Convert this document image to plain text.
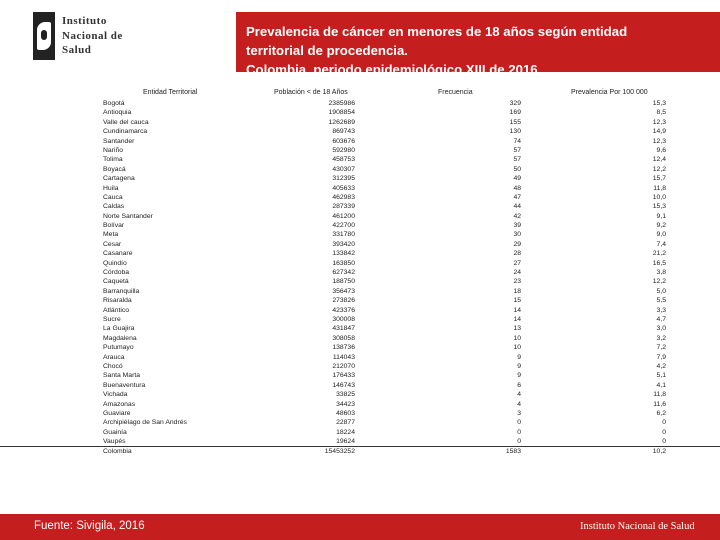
Instituto
Nacional de
Salud
Prevalencia de cáncer en menores de 18 años según entidad
territorial de procedencia.
Colombia, periodo epidemiológico XIII de 2016
Entidad Territorial	Población < de 18 Años	Frecuencia	Prevalencia Por 100 000
Bogotá	2385986	329	15,3
Antioquia	1908854	169	8,5
Valle del cauca	1262689	155	12,3
Cundinamarca	869743	130	14,9
Santander	603676	74	12,3
Nariño	592980	57	9,6
Tolima	458753	57	12,4
Boyacá	430307	50	12,2
Cartagena	312395	49	15,7
Huila	405633	48	11,8
Cauca	462983	47	10,0
Caldas	287339	44	15,3
Norte Santander	461200	42	9,1
Bolívar	422700	39	9,2
Meta	331780	30	9,0
Cesar	393420	29	7,4
Casanare	133842	28	21,2
Quindío	163850	27	16,5
Córdoba	627342	24	3,8
Caquetá	188750	23	12,2
Barranquilla	356473	18	5,0
Risaralda	273826	15	5,5
Atlántico	423376	14	3,3
Sucre	300008	14	4,7
La Guajira	431847	13	3,0
Magdalena	308058	10	3,2
Putumayo	138736	10	7,2
Arauca	114043	9	7,9
Chocó	212070	9	4,2
Santa Marta	176433	9	5,1
Buenaventura	146743	6	4,1
Vichada	33825	4	11,8
Amazonas	34423	4	11,6
Guaviare	48603	3	6,2
Archipiélago de San Andrés	22877	0	0
Guainía	18224	0	0
Vaupés	19624	0	0
Colombia	15453252	1583	10,2
Fuente: Sivigila, 2016	Instituto Nacional de Salud
